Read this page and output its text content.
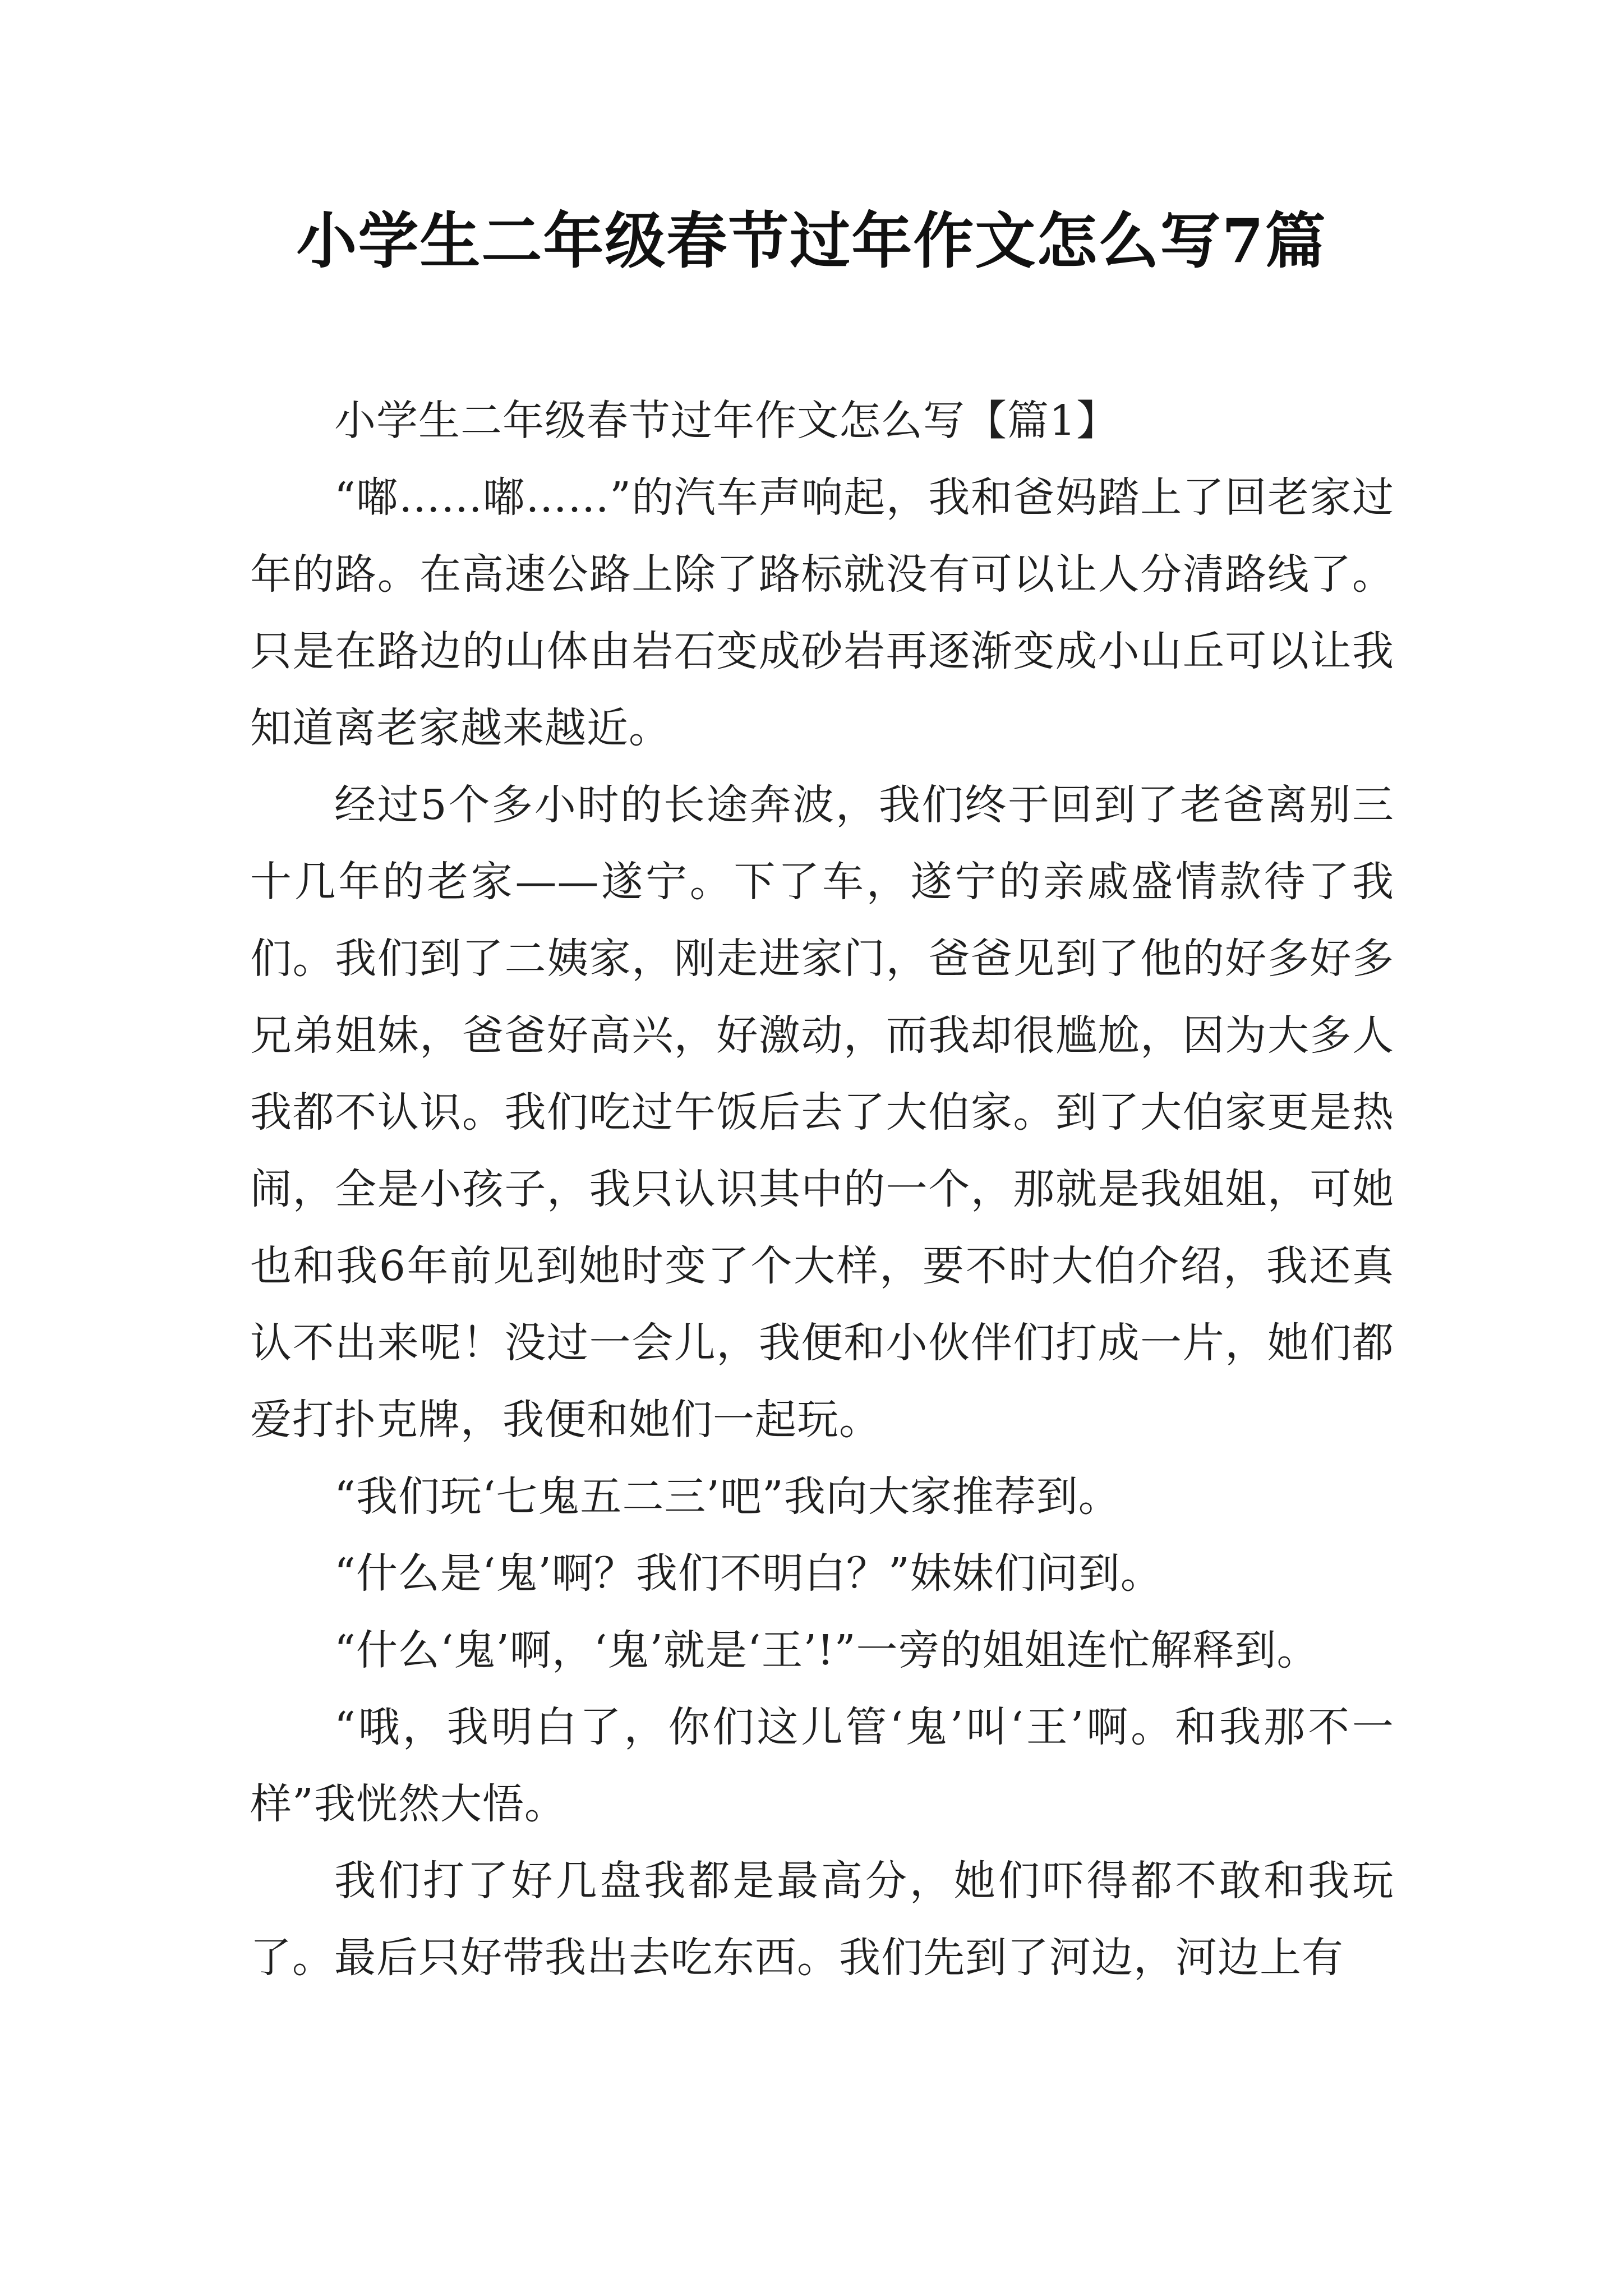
小学生二年级春节过年作文怎么写7篇

小学生二年级春节过年作文怎么写【篇1】

“嘟……嘟……”的汽车声响起，我和爸妈踏上了回老家过年的路。在高速公路上除了路标就没有可以让人分清路线了。只是在路边的山体由岩石变成砂岩再逐渐变成小山丘可以让我知道离老家越来越近。

经过5个多小时的长途奔波，我们终于回到了老爸离别三十几年的老家——遂宁。下了车，遂宁的亲戚盛情款待了我们。我们到了二姨家，刚走进家门，爸爸见到了他的好多好多兄弟姐妹，爸爸好高兴，好激动，而我却很尴尬，因为大多人我都不认识。我们吃过午饭后去了大伯家。到了大伯家更是热闹，全是小孩子，我只认识其中的一个，那就是我姐姐，可她也和我6年前见到她时变了个大样，要不时大伯介绍，我还真认不出来呢！没过一会儿，我便和小伙伴们打成一片，她们都爱打扑克牌，我便和她们一起玩。

“我们玩‘七鬼五二三’吧”我向大家推荐到。

“什么是‘鬼’啊？我们不明白？”妹妹们问到。

“什么‘鬼’啊，‘鬼’就是‘王’!”一旁的姐姐连忙解释到。

“哦，我明白了，你们这儿管‘鬼’叫‘王’啊。和我那不一样”我恍然大悟。

我们打了好几盘我都是最高分，她们吓得都不敢和我玩了。最后只好带我出去吃东西。我们先到了河边，河边上有
